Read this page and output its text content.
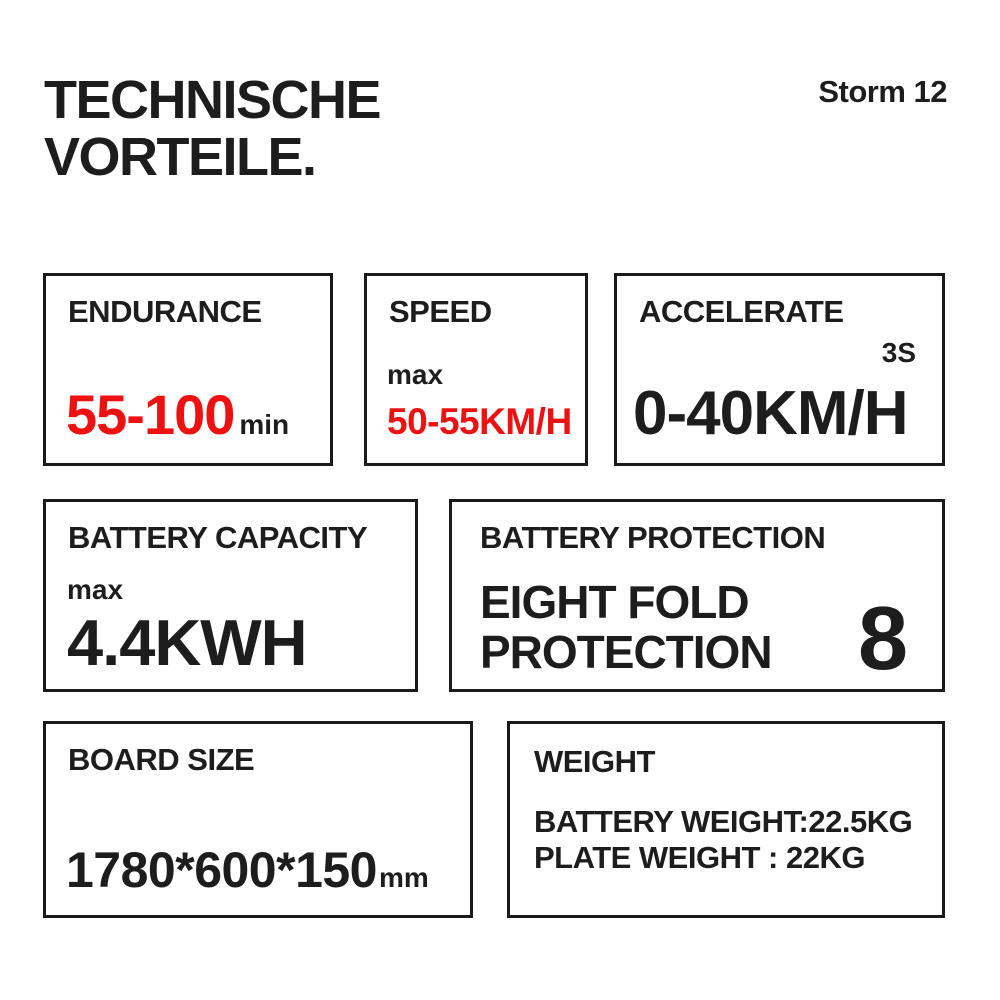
TECHNISCHE
VORTEILE.
Storm 12
ENDURANCE
55-100 min
SPEED
max
50-55KM/H
ACCELERATE
3S
0-40KM/H
BATTERY CAPACITY
max
4.4KWH
BATTERY PROTECTION
EIGHT FOLD
PROTECTION 8
BOARD SIZE
1780*600*150mm
WEIGHT
BATTERY WEIGHT:22.5KG
PLATE WEIGHT : 22KG
